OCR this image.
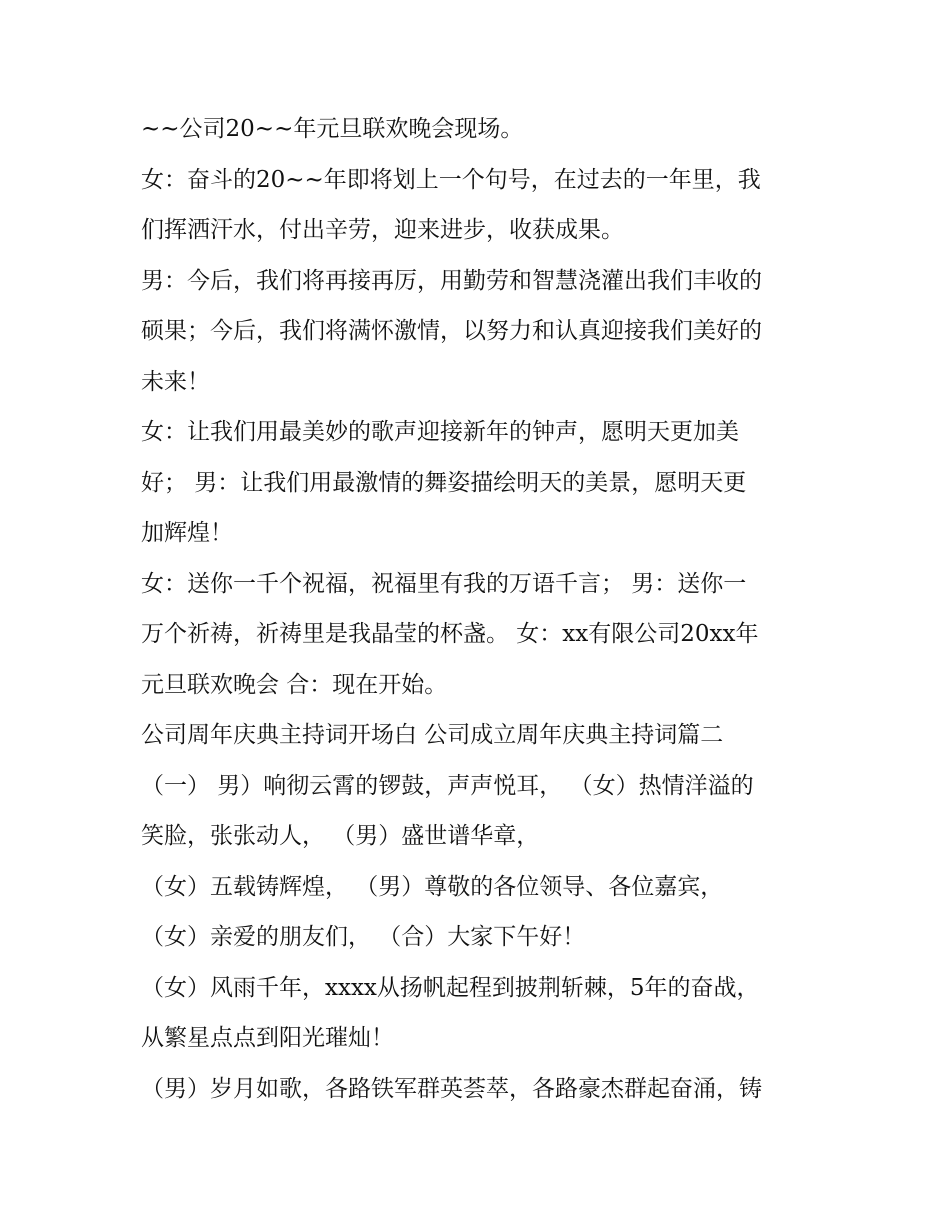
~~公司20~~年元旦联欢晚会现场。
女：奋斗的20~~年即将划上一个句号，在过去的一年里，我
们挥洒汗水，付出辛劳，迎来进步，收获成果。
男：今后，我们将再接再厉，用勤劳和智慧浇灌出我们丰收的
硕果；今后，我们将满怀激情，以努力和认真迎接我们美好的
未来！
女：让我们用最美妙的歌声迎接新年的钟声，愿明天更加美
好； 男：让我们用最激情的舞姿描绘明天的美景，愿明天更
加辉煌！
女：送你一千个祝福，祝福里有我的万语千言； 男：送你一
万个祈祷，祈祷里是我晶莹的杯盏。 女：xx有限公司20xx年
元旦联欢晚会 合：现在开始。
公司周年庆典主持词开场白 公司成立周年庆典主持词篇二
（一） 男）响彻云霄的锣鼓，声声悦耳， （女）热情洋溢的
笑脸，张张动人， （男）盛世谱华章，
（女）五载铸辉煌， （男）尊敬的各位领导、各位嘉宾，
（女）亲爱的朋友们， （合）大家下午好！
（女）风雨千年，xxxx从扬帆起程到披荆斩棘，5年的奋战，
从繁星点点到阳光璀灿！
（男）岁月如歌，各路铁军群英荟萃，各路豪杰群起奋涌，铸
